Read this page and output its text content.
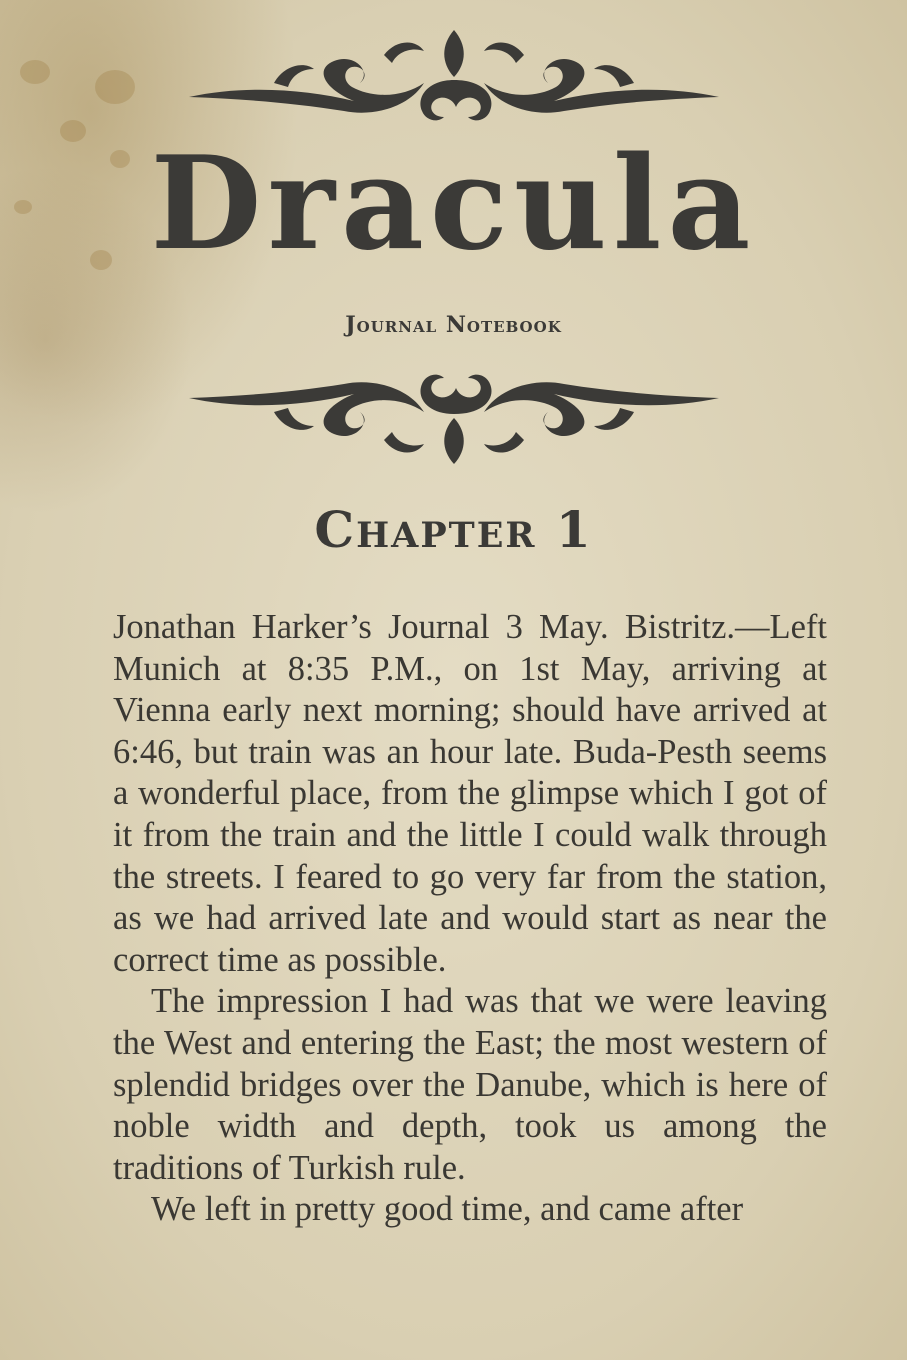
Dracula
Journal Notebook
Chapter 1

Jonathan Harker’s Journal 3 May. Bistritz.—Left Munich at 8:35 P.M., on 1st May, arriving at Vienna early next morning; should have arrived at 6:46, but train was an hour late. Buda-Pesth seems a wonderful place, from the glimpse which I got of it from the train and the little I could walk through the streets. I feared to go very far from the station, as we had arrived late and would start as near the correct time as possible.

The impression I had was that we were leaving the West and entering the East; the most western of splendid bridges over the Danube, which is here of noble width and depth, took us among the traditions of Turkish rule.

We left in pretty good time, and came after
